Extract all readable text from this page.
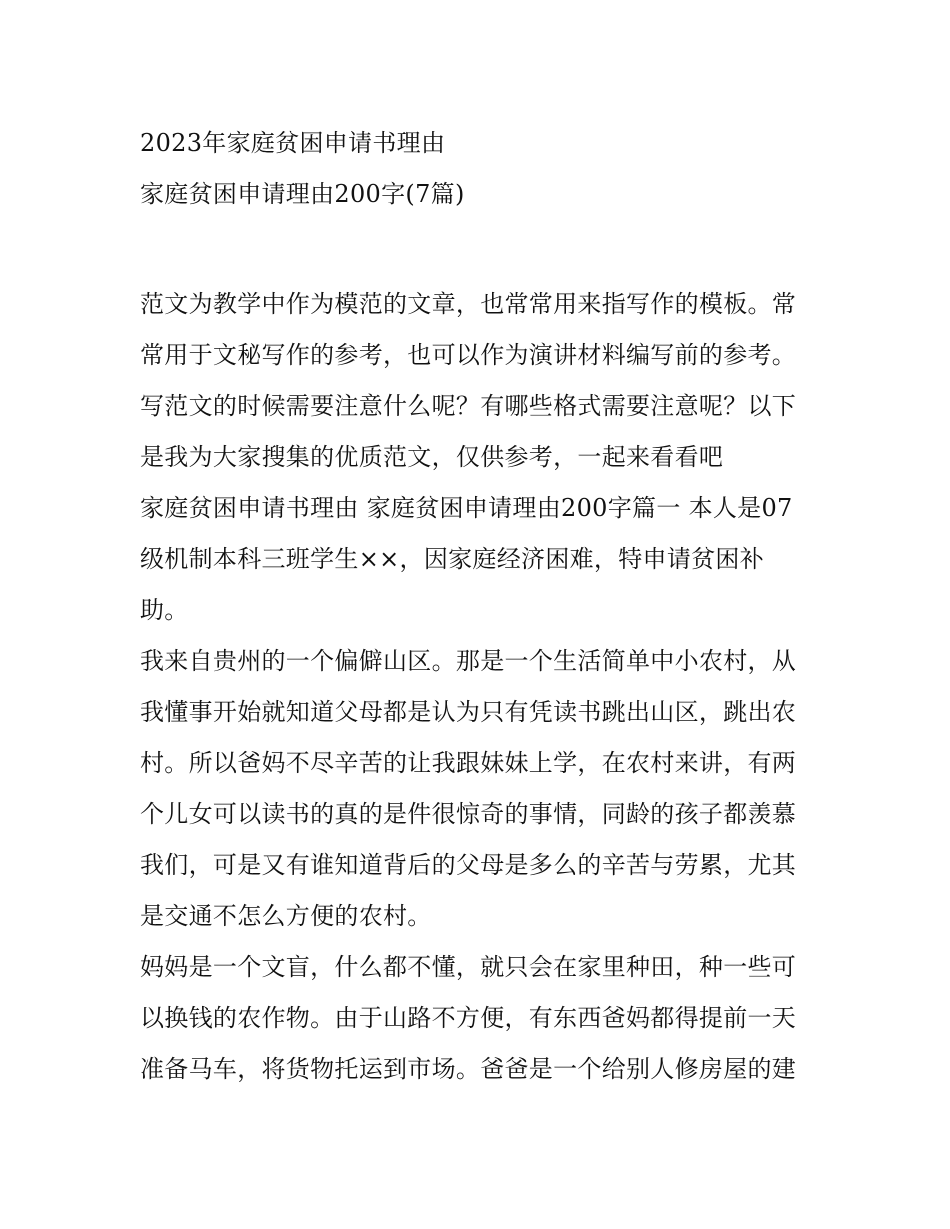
2023年家庭贫困申请书理由
家庭贫困申请理由200字(7篇)
范文为教学中作为模范的文章，也常常用来指写作的模板。常
常用于文秘写作的参考，也可以作为演讲材料编写前的参考。
写范文的时候需要注意什么呢？有哪些格式需要注意呢？以下
是我为大家搜集的优质范文，仅供参考，一起来看看吧
家庭贫困申请书理由 家庭贫困申请理由200字篇一 本人是07
级机制本科三班学生××，因家庭经济困难，特申请贫困补
助。
我来自贵州的一个偏僻山区。那是一个生活简单中小农村，从
我懂事开始就知道父母都是认为只有凭读书跳出山区，跳出农
村。所以爸妈不尽辛苦的让我跟妹妹上学，在农村来讲，有两
个儿女可以读书的真的是件很惊奇的事情，同龄的孩子都羡慕
我们，可是又有谁知道背后的父母是多么的辛苦与劳累，尤其
是交通不怎么方便的农村。
妈妈是一个文盲，什么都不懂，就只会在家里种田，种一些可
以换钱的农作物。由于山路不方便，有东西爸妈都得提前一天
准备马车，将货物托运到市场。爸爸是一个给别人修房屋的建
